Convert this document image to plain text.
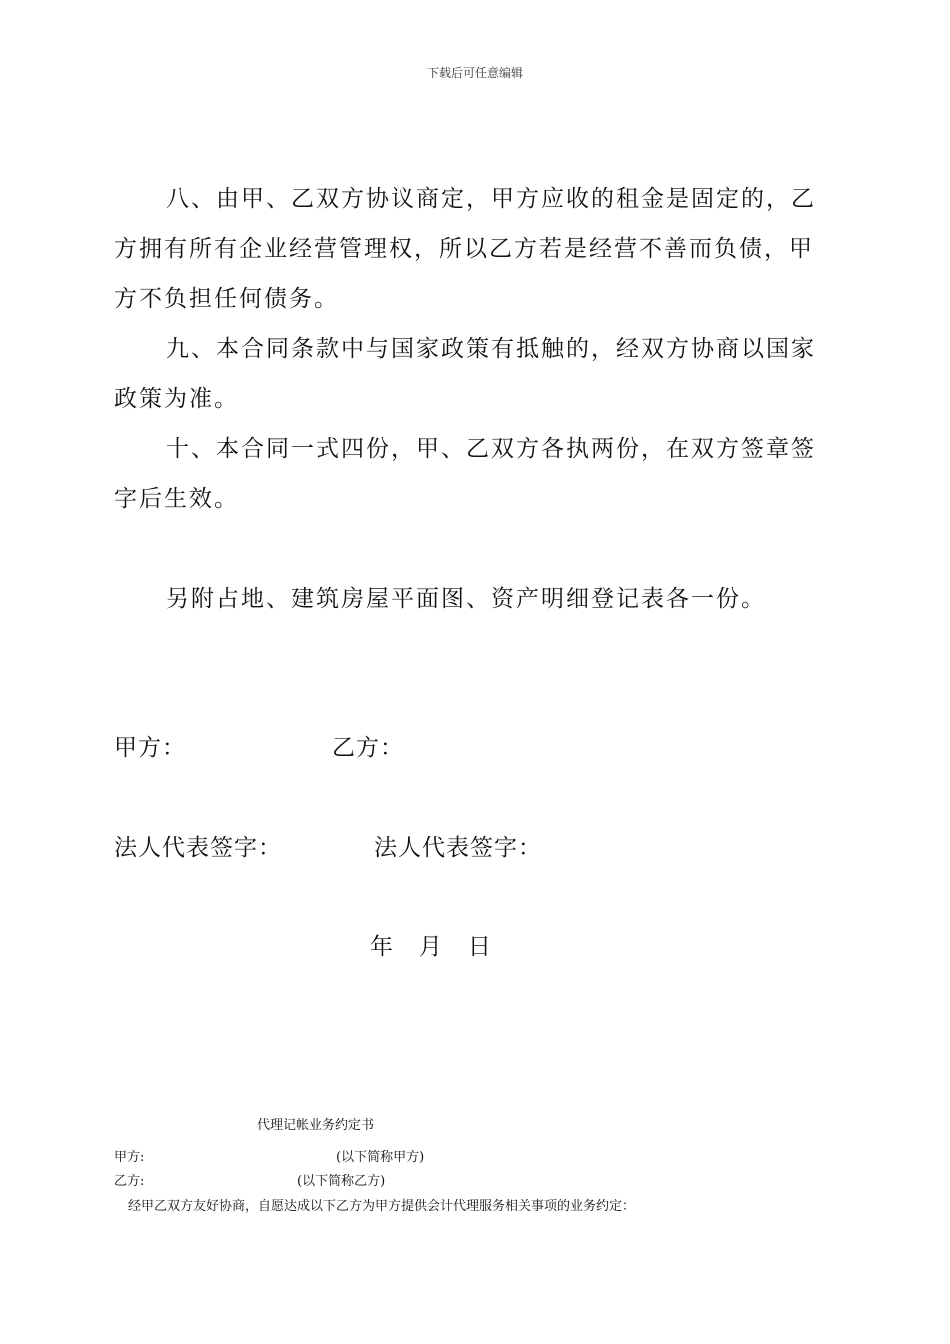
下载后可任意编辑
八、由甲、乙双方协议商定，甲方应收的租金是固定的，乙
方拥有所有企业经营管理权，所以乙方若是经营不善而负债，甲
方不负担任何债务。
九、本合同条款中与国家政策有抵触的，经双方协商以国家
政策为准。
十、本合同一式四份，甲、乙双方各执两份，在双方签章签
字后生效。
另附占地、建筑房屋平面图、资产明细登记表各一份。
甲方：	乙方：
法人代表签字：	法人代表签字：
年   月   日
代理记帐业务约定书
甲方:	(以下简称甲方)
乙方:	(以下简称乙方)
经甲乙双方友好协商，自愿达成以下乙方为甲方提供会计代理服务相关事项的业务约定：
